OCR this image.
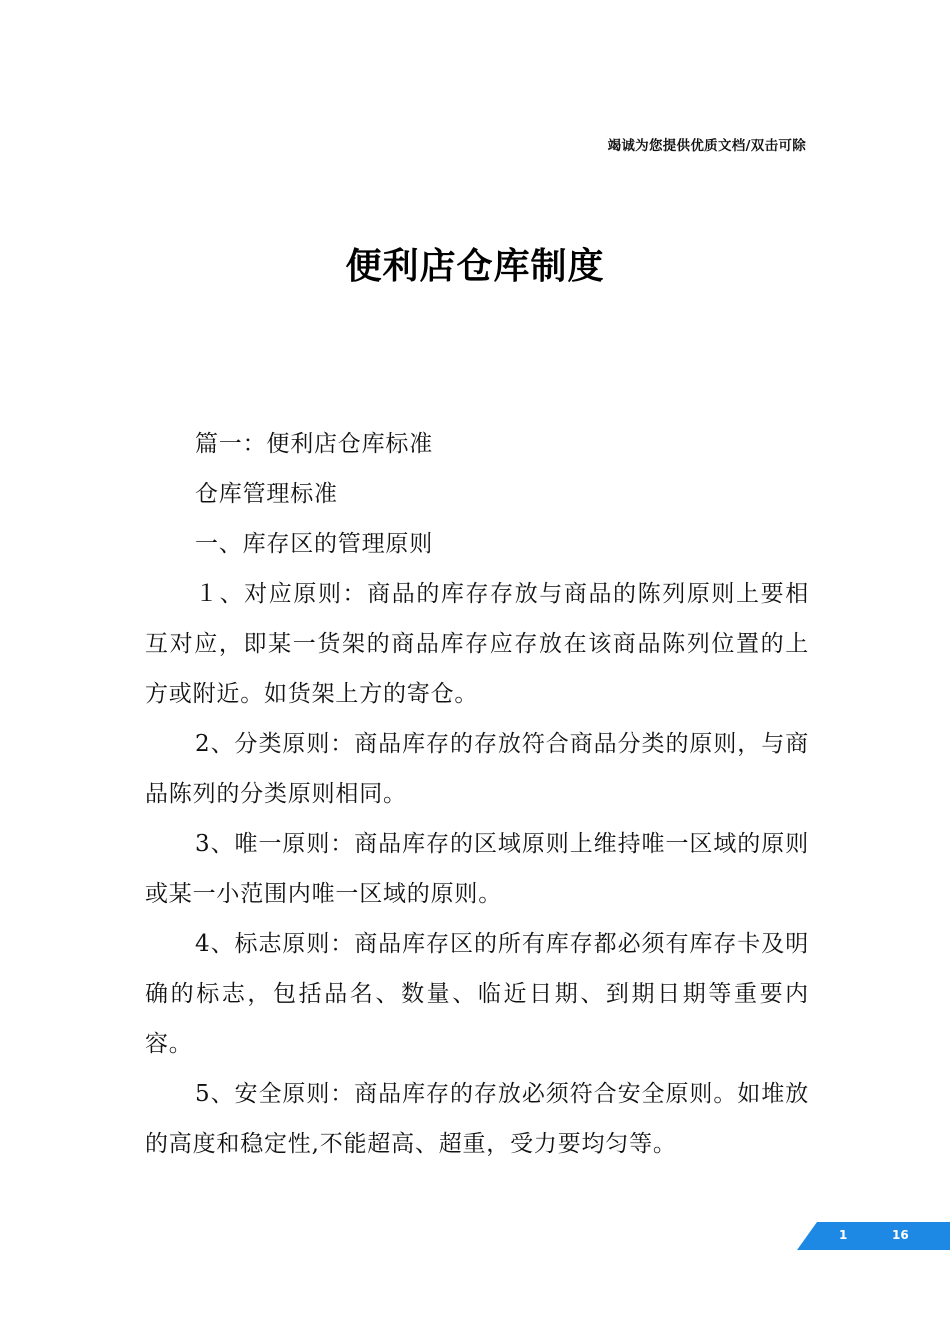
竭诚为您提供优质文档/双击可除
便利店仓库制度

篇一：便利店仓库标准

仓库管理标准

一、库存区的管理原则

１、对应原则：商品的库存存放与商品的陈列原则上要相互对应，即某一货架的商品库存应存放在该商品陈列位置的上方或附近。如货架上方的寄仓。

2、分类原则：商品库存的存放符合商品分类的原则，与商品陈列的分类原则相同。

3、唯一原则：商品库存的区域原则上维持唯一区域的原则或某一小范围内唯一区域的原则。

4、标志原则：商品库存区的所有库存都必须有库存卡及明确的标志，包括品名、数量、临近日期、到期日期等重要内容。

5、安全原则：商品库存的存放必须符合安全原则。如堆放的高度和稳定性,不能超高、超重，受力要均匀等。

1	16
